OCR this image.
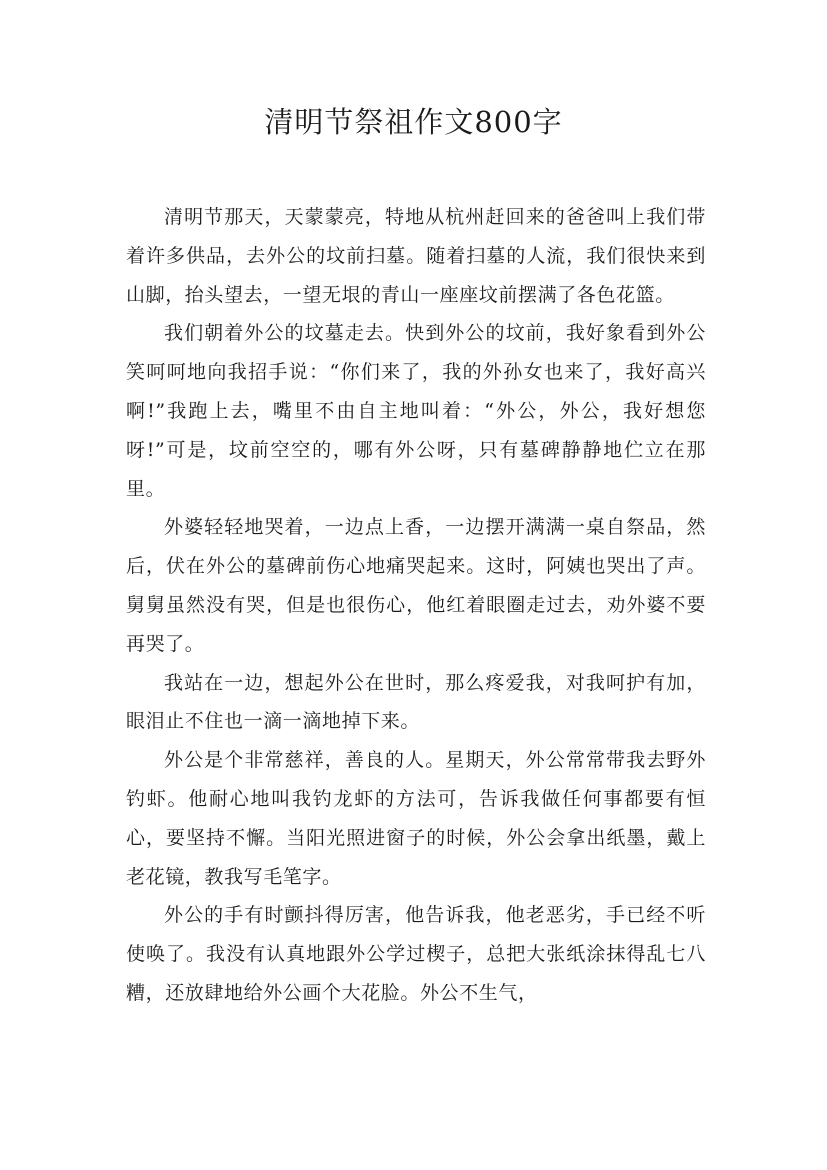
清明节祭祖作文800字

清明节那天，天蒙蒙亮，特地从杭州赶回来的爸爸叫上我们带着许多供品，去外公的坟前扫墓。随着扫墓的人流，我们很快来到山脚，抬头望去，一望无垠的青山一座座坟前摆满了各色花篮。

我们朝着外公的坟墓走去。快到外公的坟前，我好象看到外公笑呵呵地向我招手说：“你们来了，我的外孙女也来了，我好高兴啊!”我跑上去，嘴里不由自主地叫着：“外公，外公，我好想您呀!”可是，坟前空空的，哪有外公呀，只有墓碑静静地伫立在那里。

外婆轻轻地哭着，一边点上香，一边摆开满满一桌自祭品，然后，伏在外公的墓碑前伤心地痛哭起来。这时，阿姨也哭出了声。舅舅虽然没有哭，但是也很伤心，他红着眼圈走过去，劝外婆不要再哭了。

我站在一边，想起外公在世时，那么疼爱我，对我呵护有加，眼泪止不住也一滴一滴地掉下来。

外公是个非常慈祥，善良的人。星期天，外公常常带我去野外钓虾。他耐心地叫我钓龙虾的方法可，告诉我做任何事都要有恒心，要坚持不懈。当阳光照进窗子的时候，外公会拿出纸墨，戴上老花镜，教我写毛笔字。

外公的手有时颤抖得厉害，他告诉我，他老恶劣，手已经不听使唤了。我没有认真地跟外公学过楔子，总把大张纸涂抹得乱七八糟，还放肆地给外公画个大花脸。外公不生气，
